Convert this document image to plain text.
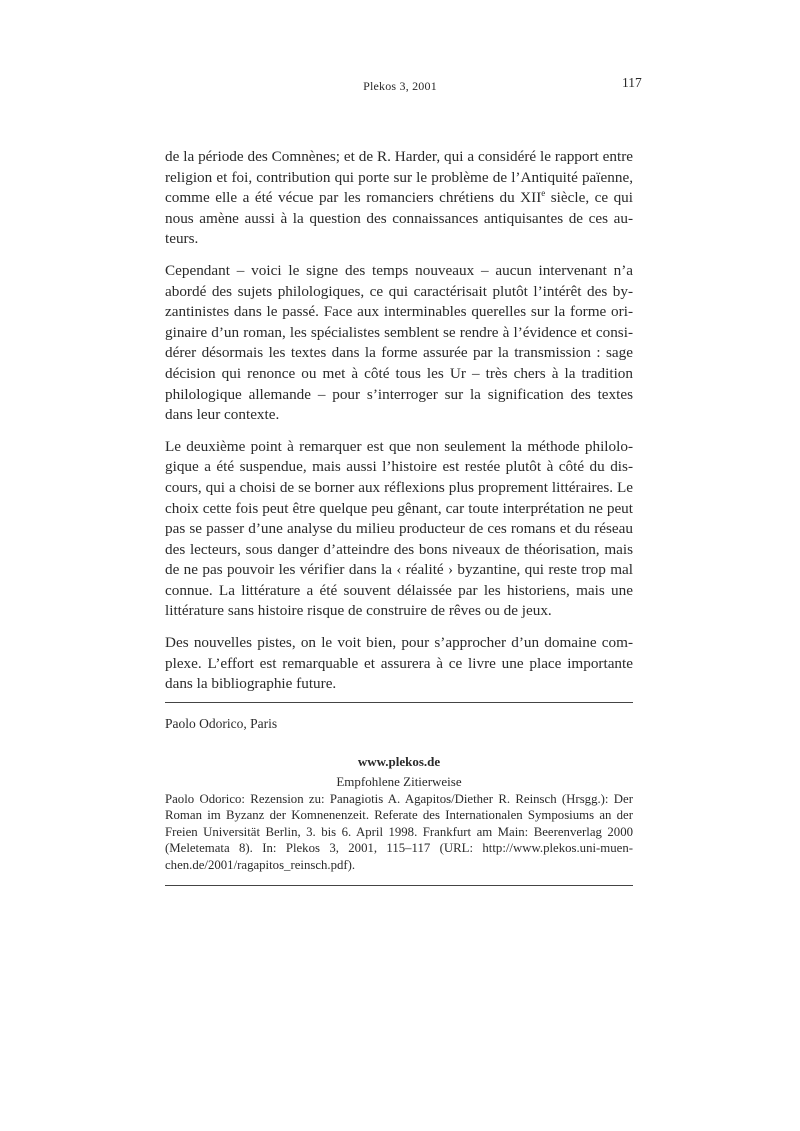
Plekos 3, 2001	117

de la période des Comnènes; et de R. Harder, qui a considéré le rapport entre religion et foi, contribution qui porte sur le problème de l’Antiquité païenne, comme elle a été vécue par les romanciers chrétiens du XIIe siècle, ce qui nous amène aussi à la question des connaissances antiquisantes de ces auteurs.

Cependant – voici le signe des temps nouveaux – aucun intervenant n’a abordé des sujets philologiques, ce qui caractérisait plutôt l’intérêt des byzantinistes dans le passé. Face aux interminables querelles sur la forme originaire d’un roman, les spécialistes semblent se rendre à l’évidence et considérer désormais les textes dans la forme assurée par la transmission : sage décision qui renonce ou met à côté tous les Ur – très chers à la tradition philologique allemande – pour s’interroger sur la signification des textes dans leur contexte.

Le deuxième point à remarquer est que non seulement la méthode philologique a été suspendue, mais aussi l’histoire est restée plutôt à côté du discours, qui a choisi de se borner aux réflexions plus proprement littéraires. Le choix cette fois peut être quelque peu gênant, car toute interprétation ne peut pas se passer d’une analyse du milieu producteur de ces romans et du réseau des lecteurs, sous danger d’atteindre des bons niveaux de théorisation, mais de ne pas pouvoir les vérifier dans la ‹ réalité › byzantine, qui reste trop mal connue. La littérature a été souvent délaissée par les historiens, mais une littérature sans histoire risque de construire de rêves ou de jeux.

Des nouvelles pistes, on le voit bien, pour s’approcher d’un domaine complexe. L’effort est remarquable et assurera à ce livre une place importante dans la bibliographie future.

Paolo Odorico, Paris
www.plekos.de
Empfohlene Zitierweise
Paolo Odorico: Rezension zu: Panagiotis A. Agapitos/Diether R. Reinsch (Hrsgg.): Der Roman im Byzanz der Komnenenzeit. Referate des Internationalen Symposiums an der Freien Universität Berlin, 3. bis 6. April 1998. Frankfurt am Main: Beerenverlag 2000 (Meletemata 8). In: Plekos 3, 2001, 115–117 (URL: http://www.plekos.uni-muenchen.de/2001/ragapitos_reinsch.pdf).
